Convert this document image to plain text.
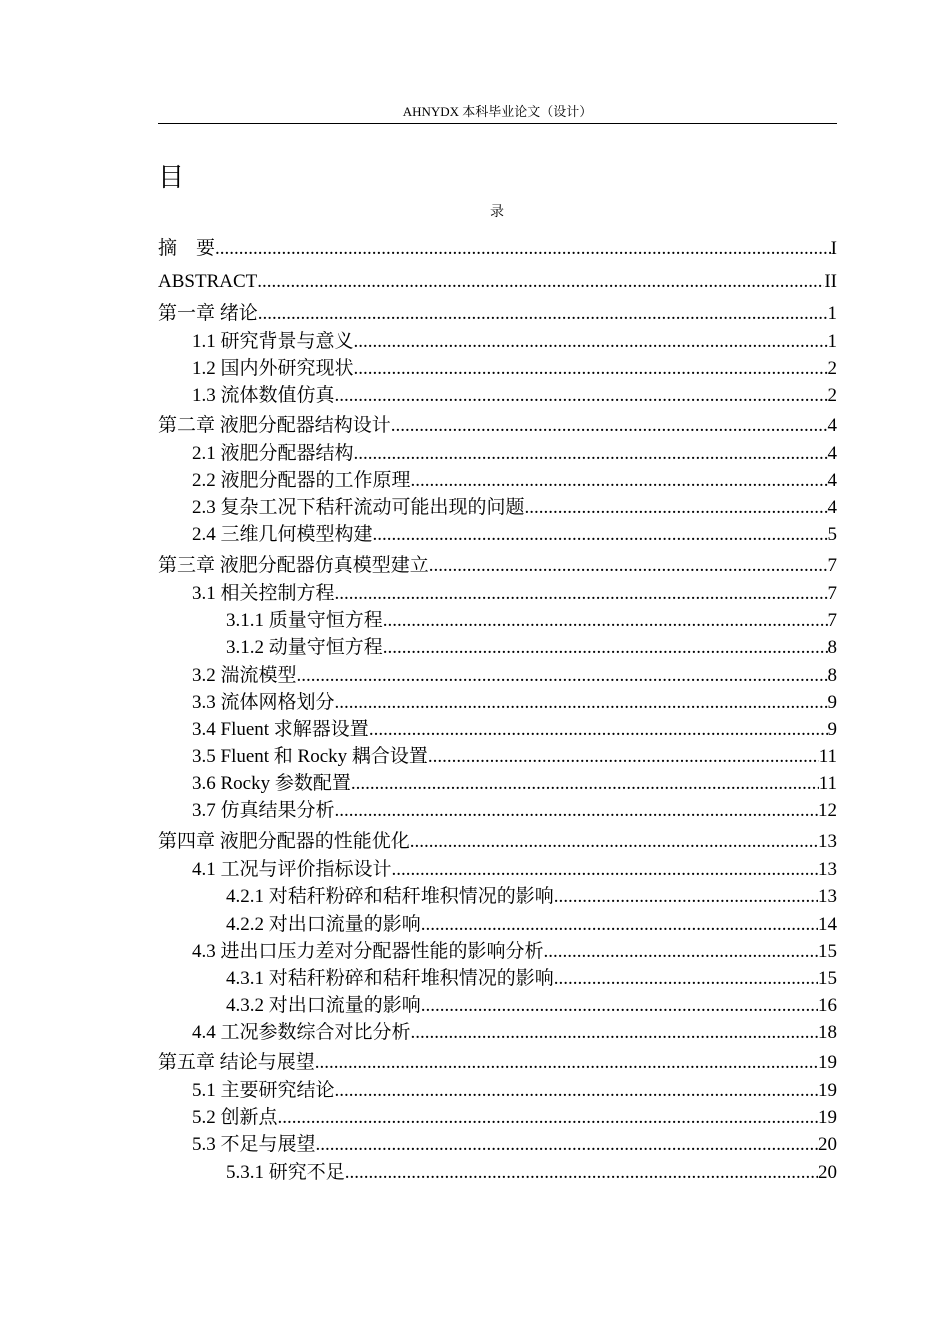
AHNYDX 本科毕业论文（设计）
目
录
摘　要 .....	I
ABSTRACT .....	II
第一章 绪论 .....	1
1.1 研究背景与意义 .....	1
1.2 国内外研究现状 .....	2
1.3 流体数值仿真 .....	2
第二章 液肥分配器结构设计 .....	4
2.1 液肥分配器结构 .....	4
2.2 液肥分配器的工作原理 .....	4
2.3 复杂工况下秸秆流动可能出现的问题 .....	4
2.4 三维几何模型构建 .....	5
第三章 液肥分配器仿真模型建立 .....	7
3.1 相关控制方程 .....	7
3.1.1 质量守恒方程 .....	7
3.1.2 动量守恒方程 .....	8
3.2 湍流模型 .....	8
3.3 流体网格划分 .....	9
3.4 Fluent 求解器设置 .....	9
3.5 Fluent 和 Rocky 耦合设置 .....	11
3.6 Rocky 参数配置 .....	11
3.7 仿真结果分析 .....	12
第四章 液肥分配器的性能优化 .....	13
4.1 工况与评价指标设计 .....	13
4.2.1 对秸秆粉碎和秸秆堆积情况的影响 .....	13
4.2.2 对出口流量的影响 .....	14
4.3 进出口压力差对分配器性能的影响分析 .....	15
4.3.1 对秸秆粉碎和秸秆堆积情况的影响 .....	15
4.3.2 对出口流量的影响 .....	16
4.4 工况参数综合对比分析 .....	18
第五章 结论与展望 .....	19
5.1 主要研究结论 .....	19
5.2 创新点 .....	19
5.3 不足与展望 .....	20
5.3.1 研究不足 .....	20
